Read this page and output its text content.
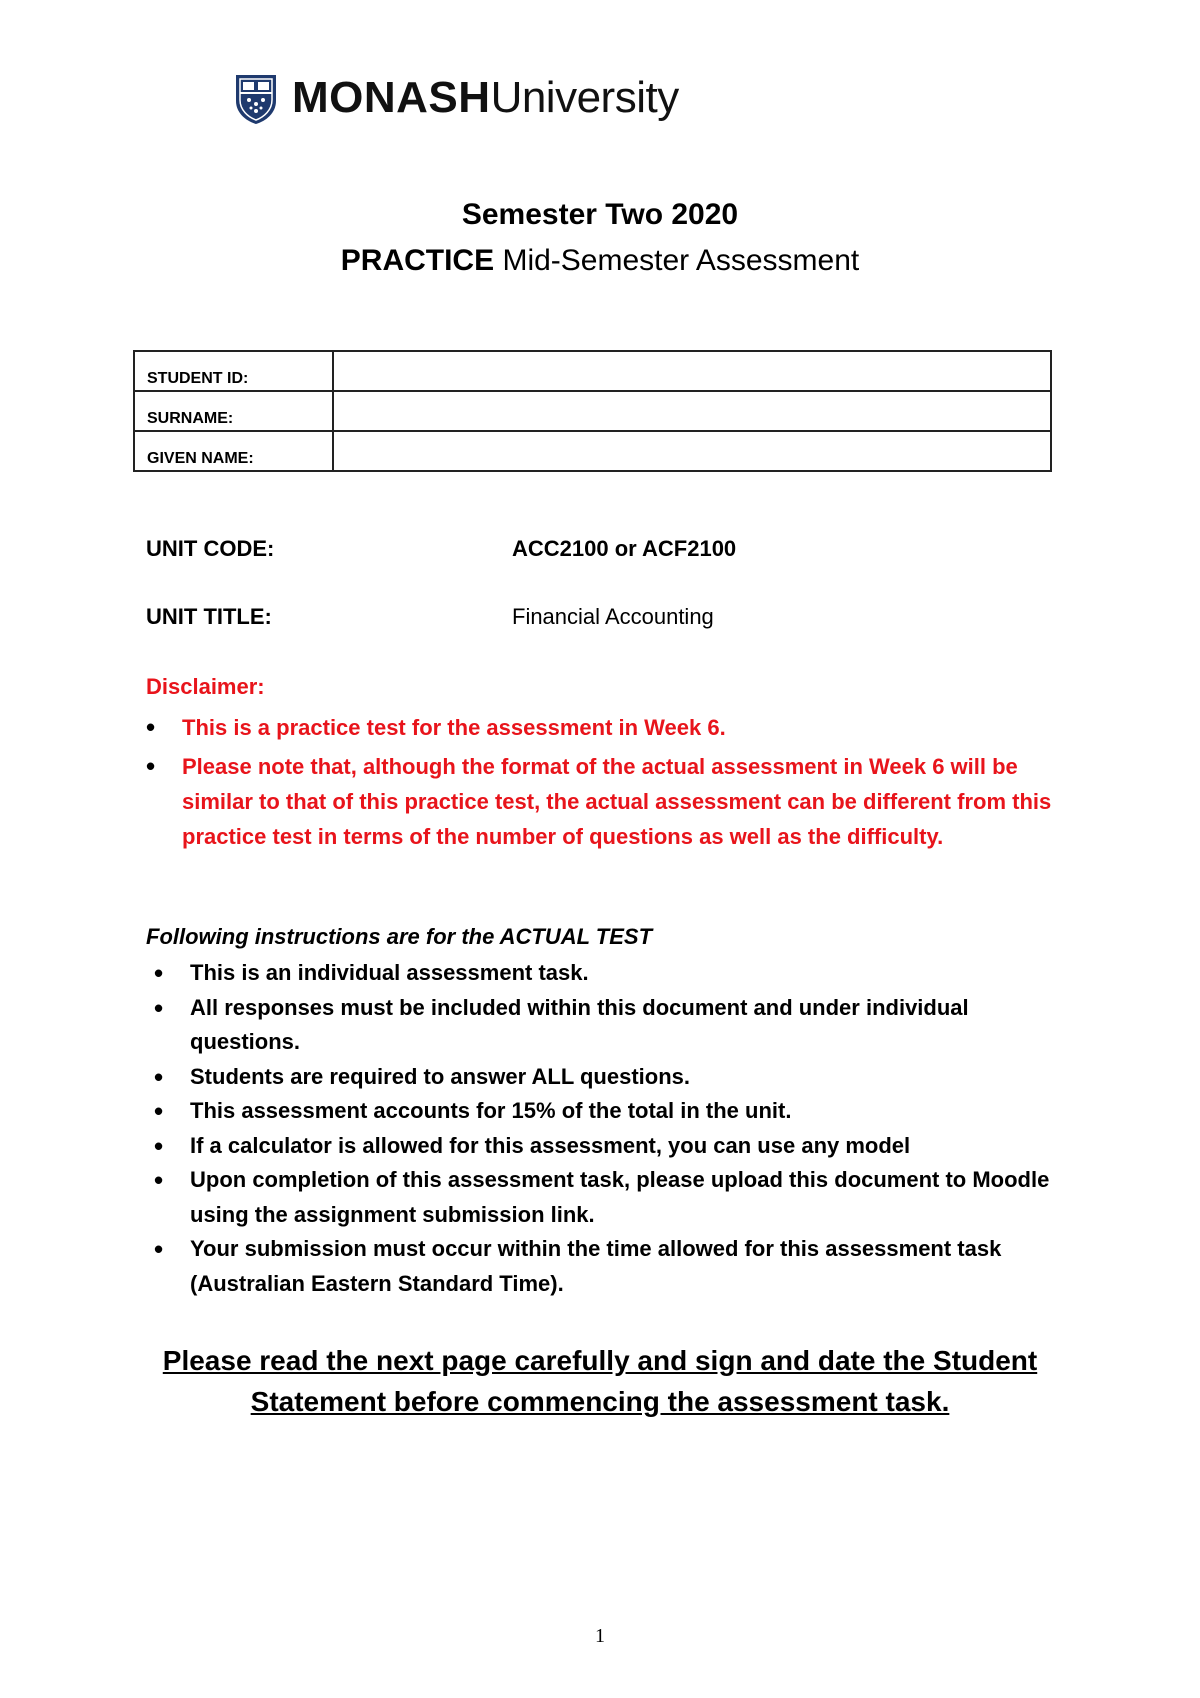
MONASHUniversity
Semester Two 2020
PRACTICE Mid-Semester Assessment
STUDENT ID:	
SURNAME:	
GIVEN NAME:	
UNIT CODE:	ACC2100 or ACF2100
UNIT TITLE:	Financial Accounting
Disclaimer:
• This is a practice test for the assessment in Week 6.
• Please note that, although the format of the actual assessment in Week 6 will be similar to that of this practice test, the actual assessment can be different from this practice test in terms of the number of questions as well as the difficulty.
Following instructions are for the ACTUAL TEST
• This is an individual assessment task.
• All responses must be included within this document and under individual questions.
• Students are required to answer ALL questions.
• This assessment accounts for 15% of the total in the unit.
• If a calculator is allowed for this assessment, you can use any model
• Upon completion of this assessment task, please upload this document to Moodle using the assignment submission link.
• Your submission must occur within the time allowed for this assessment task (Australian Eastern Standard Time).
Please read the next page carefully and sign and date the Student
Statement before commencing the assessment task.
1
